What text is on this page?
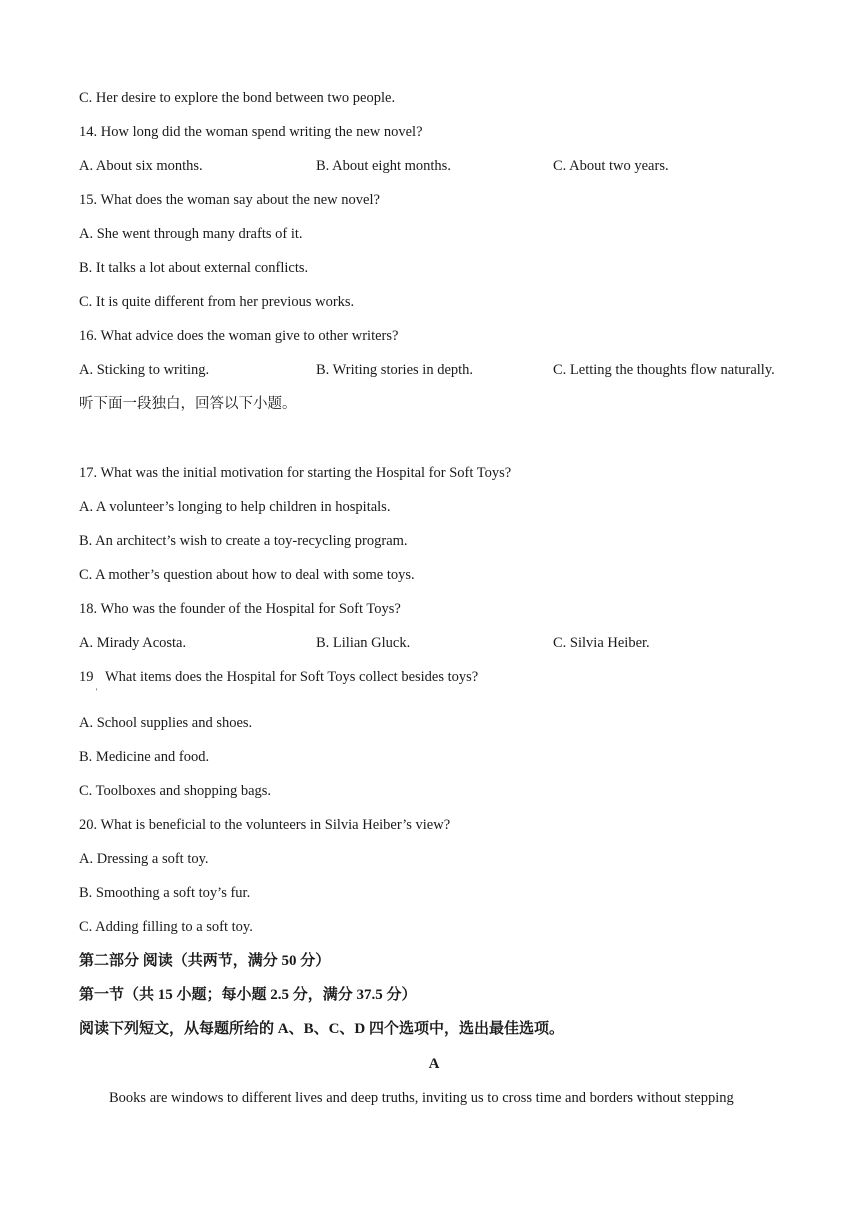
C. Her desire to explore the bond between two people.
14. How long did the woman spend writing the new novel?
A. About six months.	B. About eight months.	C. About two years.
15. What does the woman say about the new novel?
A. She went through many drafts of it.
B. It talks a lot about external conflicts.
C. It is quite different from her previous works.
16. What advice does the woman give to other writers?
A. Sticking to writing.	B. Writing stories in depth.	C. Letting the thoughts flow naturally.
听下面一段独白，回答以下小题。
17. What was the initial motivation for starting the Hospital for Soft Toys?
A. A volunteer’s longing to help children in hospitals.
B. An architect’s wish to create a toy-recycling program.
C. A mother’s question about how to deal with some toys.
18. Who was the founder of the Hospital for Soft Toys?
A. Mirady Acosta.	B. Lilian Gluck.	C. Silvia Heiber.
19
'
What items does the Hospital for Soft Toys collect besides toys?
A. School supplies and shoes.
B. Medicine and food.
C. Toolboxes and shopping bags.
20. What is beneficial to the volunteers in Silvia Heiber’s view?
A. Dressing a soft toy.
B. Smoothing a soft toy’s fur.
C. Adding filling to a soft toy.
第二部分 阅读（共两节，满分 50 分）
第一节（共 15 小题；每小题 2.5 分，满分 37.5 分）
阅读下列短文，从每题所给的 A、B、C、D 四个选项中，选出最佳选项。
A
Books are windows to different lives and deep truths, inviting us to cross time and borders without stepping
